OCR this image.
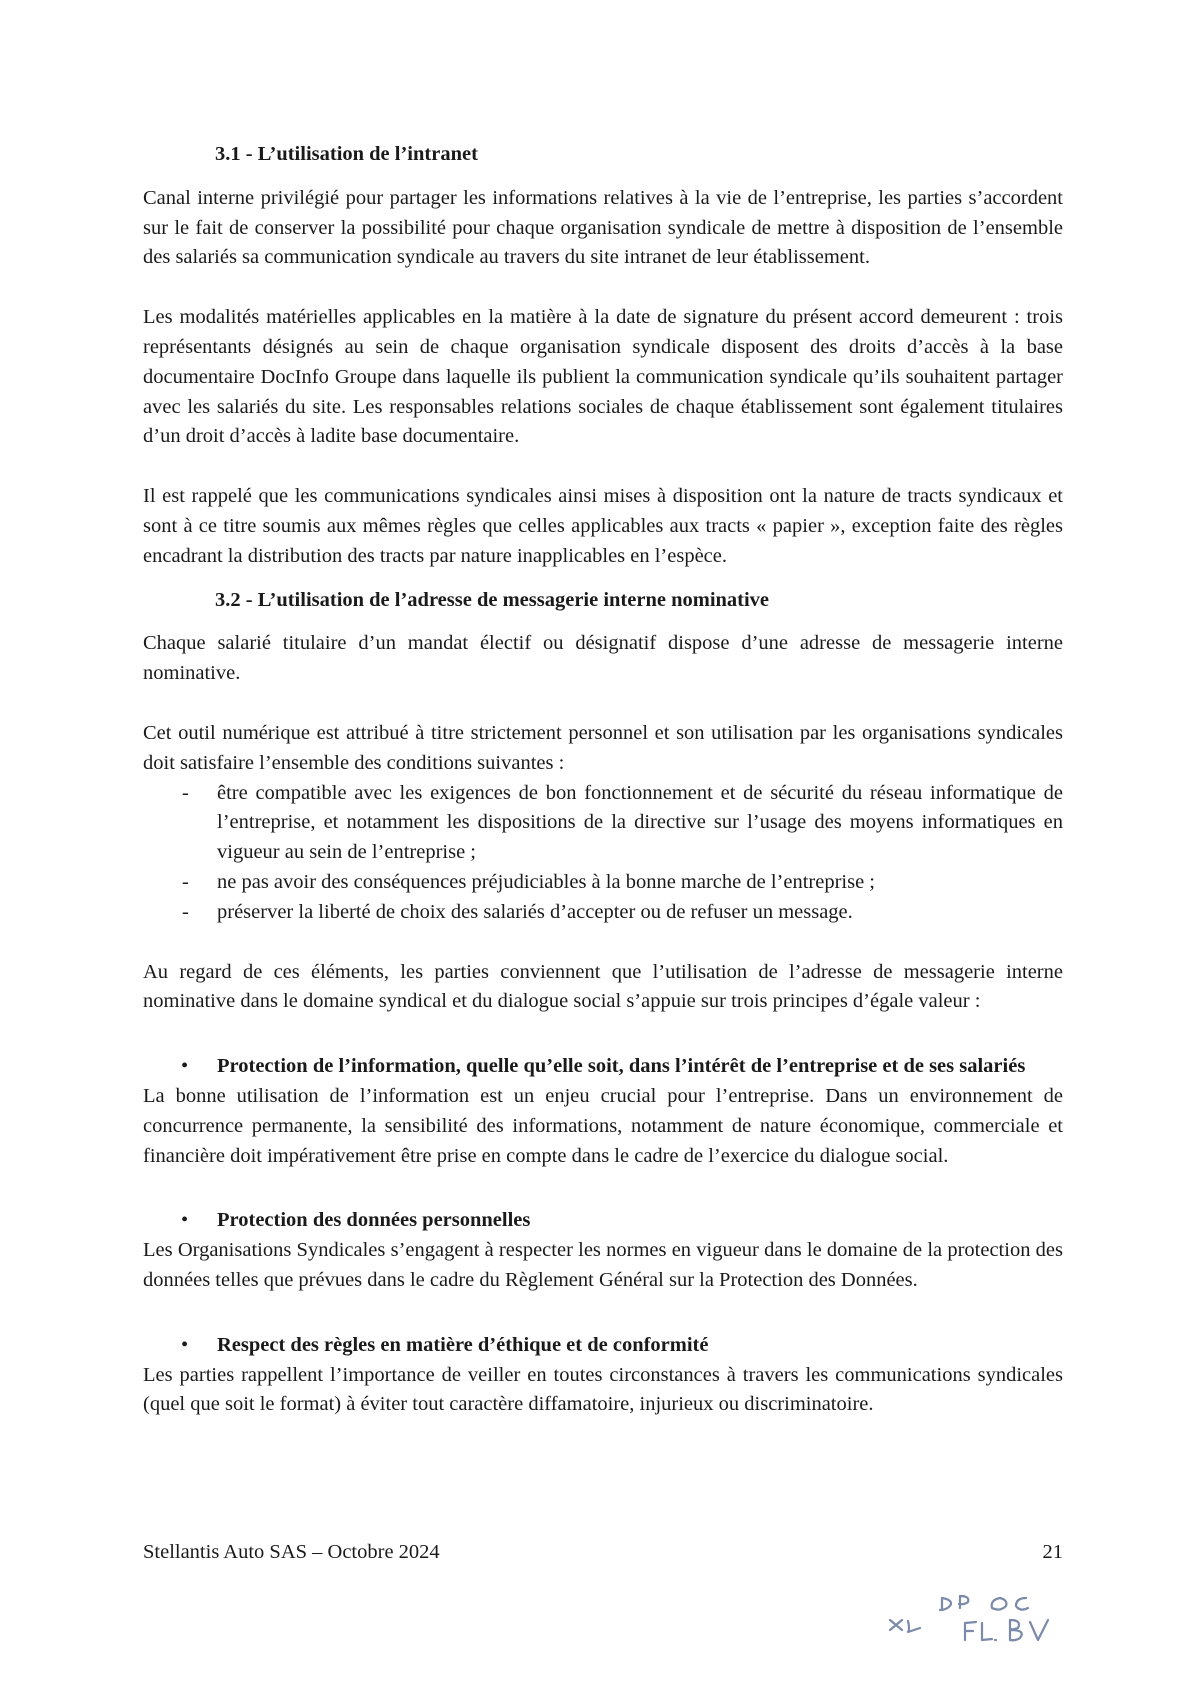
3.1 - L’utilisation de l’intranet

Canal interne privilégié pour partager les informations relatives à la vie de l’entreprise, les parties s’accordent sur le fait de conserver la possibilité pour chaque organisation syndicale de mettre à disposition de l’ensemble des salariés sa communication syndicale au travers du site intranet de leur établissement.

Les modalités matérielles applicables en la matière à la date de signature du présent accord demeurent : trois représentants désignés au sein de chaque organisation syndicale disposent des droits d’accès à la base documentaire DocInfo Groupe dans laquelle ils publient la communication syndicale qu’ils souhaitent partager avec les salariés du site. Les responsables relations sociales de chaque établissement sont également titulaires d’un droit d’accès à ladite base documentaire.

Il est rappelé que les communications syndicales ainsi mises à disposition ont la nature de tracts syndicaux et sont à ce titre soumis aux mêmes règles que celles applicables aux tracts « papier », exception faite des règles encadrant la distribution des tracts par nature inapplicables en l’espèce.

3.2 - L’utilisation de l’adresse de messagerie interne nominative

Chaque salarié titulaire d’un mandat électif ou désignatif dispose d’une adresse de messagerie interne nominative.

Cet outil numérique est attribué à titre strictement personnel et son utilisation par les organisations syndicales doit satisfaire l’ensemble des conditions suivantes :

- être compatible avec les exigences de bon fonctionnement et de sécurité du réseau informatique de l’entreprise, et notamment les dispositions de la directive sur l’usage des moyens informatiques en vigueur au sein de l’entreprise ;
- ne pas avoir des conséquences préjudiciables à la bonne marche de l’entreprise ;
- préserver la liberté de choix des salariés d’accepter ou de refuser un message.

Au regard de ces éléments, les parties conviennent que l’utilisation de l’adresse de messagerie interne nominative dans le domaine syndical et du dialogue social s’appuie sur trois principes d’égale valeur :

• Protection de l’information, quelle qu’elle soit, dans l’intérêt de l’entreprise et de ses salariés

La bonne utilisation de l’information est un enjeu crucial pour l’entreprise. Dans un environnement de concurrence permanente, la sensibilité des informations, notamment de nature économique, commerciale et financière doit impérativement être prise en compte dans le cadre de l’exercice du dialogue social.

• Protection des données personnelles

Les Organisations Syndicales s’engagent à respecter les normes en vigueur dans le domaine de la protection des données telles que prévues dans le cadre du Règlement Général sur la Protection des Données.

• Respect des règles en matière d’éthique et de conformité

Les parties rappellent l’importance de veiller en toutes circonstances à travers les communications syndicales (quel que soit le format) à éviter tout caractère diffamatoire, injurieux ou discriminatoire.

Stellantis Auto SAS – Octobre 2024	21
